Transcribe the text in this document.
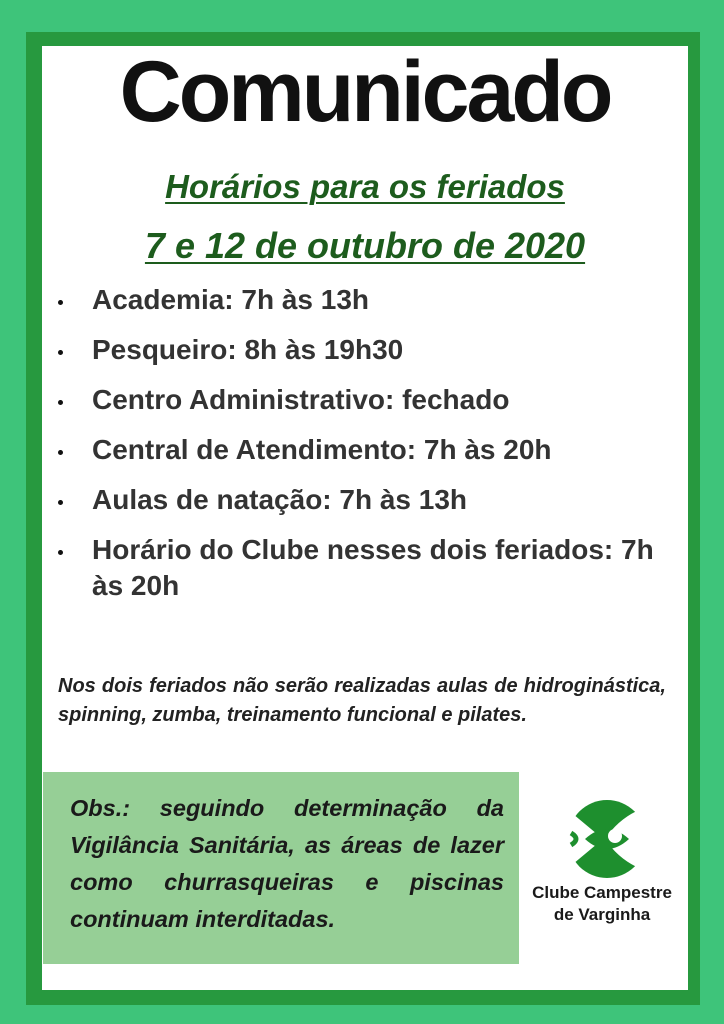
Comunicado
Horários para os feriados
7 e 12 de outubro de 2020
Academia: 7h às 13h
Pesqueiro: 8h às 19h30
Centro Administrativo: fechado
Central de Atendimento: 7h às 20h
Aulas de natação: 7h às 13h
Horário do Clube nesses dois feriados: 7h às 20h
Nos dois feriados não serão realizadas aulas de hidroginástica, spinning, zumba, treinamento funcional e pilates.
Obs.: seguindo determinação da Vigilância Sanitária, as áreas de lazer como churrasqueiras e piscinas continuam interditadas.
Clube Campestre
de Varginha
